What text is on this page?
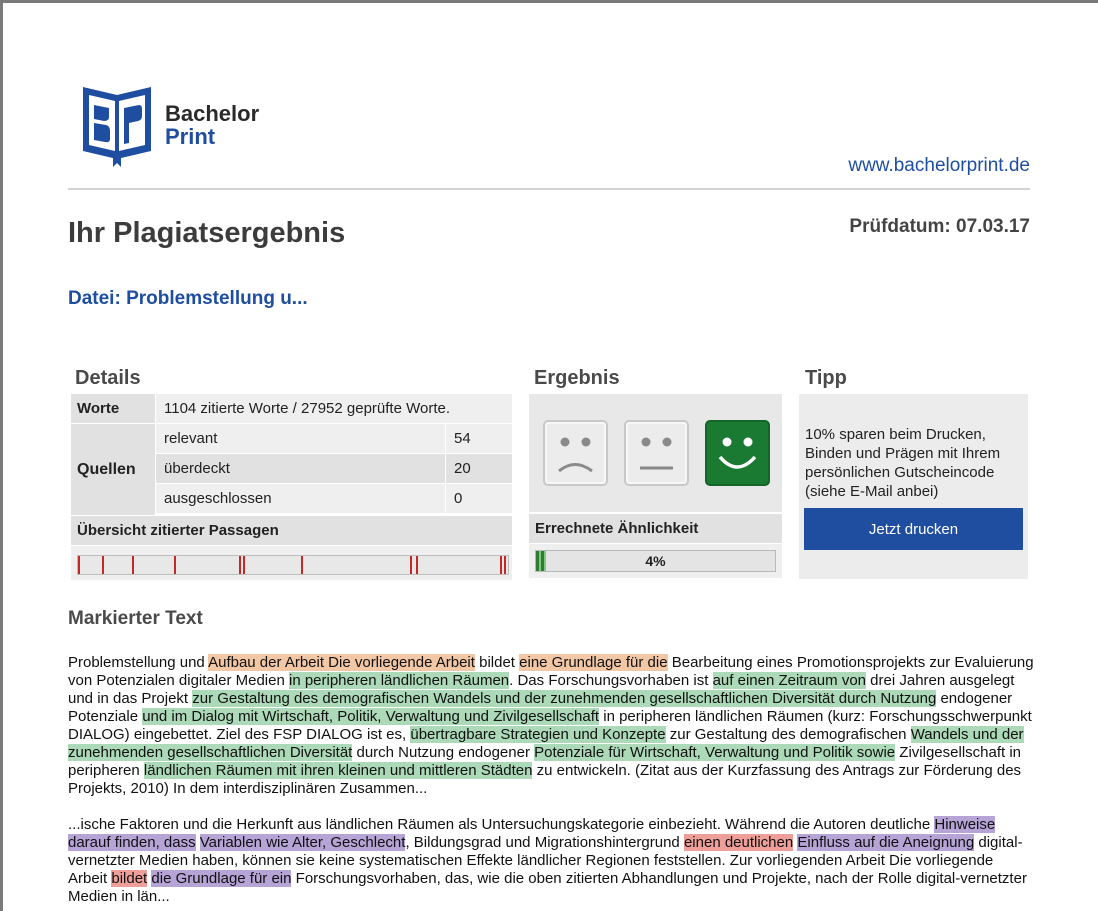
Bachelor
Print
www.bachelorprint.de
Ihr Plagiatsergebnis	Prüfdatum: 07.03.17
Datei: Problemstellung u...
Details	Ergebnis	Tipp
Worte	1104 zitierte Worte / 27952 geprüfte Worte.
Quellen
relevant	54
überdeckt	20
ausgeschlossen	0
Übersicht zitierter Passagen	Errechnete Ähnlichkeit
4%
10% sparen beim Drucken, Binden und Prägen mit Ihrem persönlichen Gutscheincode (siehe E-Mail anbei)
Jetzt drucken
Markierter Text
Problemstellung und Aufbau der Arbeit Die vorliegende Arbeit bildet eine Grundlage für die Bearbeitung eines Promotionsprojekts zur Evaluierung von Potenzialen digitaler Medien in peripheren ländlichen Räumen. Das Forschungsvorhaben ist auf einen Zeitraum von drei Jahren ausgelegt und in das Projekt zur Gestaltung des demografischen Wandels und der zunehmenden gesellschaftlichen Diversität durch Nutzung endogener Potenziale und im Dialog mit Wirtschaft, Politik, Verwaltung und Zivilgesellschaft in peripheren ländlichen Räumen (kurz: Forschungsschwerpunkt DIALOG) eingebettet. Ziel des FSP DIALOG ist es, übertragbare Strategien und Konzepte zur Gestaltung des demografischen Wandels und der zunehmenden gesellschaftlichen Diversität durch Nutzung endogener Potenziale für Wirtschaft, Verwaltung und Politik sowie Zivilgesellschaft in peripheren ländlichen Räumen mit ihren kleinen und mittleren Städten zu entwickeln. (Zitat aus der Kurzfassung des Antrags zur Förderung des Projekts, 2010) In dem interdisziplinären Zusammen...
...ische Faktoren und die Herkunft aus ländlichen Räumen als Untersuchungskategorie einbezieht. Während die Autoren deutliche Hinweise darauf finden, dass Variablen wie Alter, Geschlecht, Bildungsgrad und Migrationshintergrund einen deutlichen Einfluss auf die Aneignung digital-vernetzter Medien haben, können sie keine systematischen Effekte ländlicher Regionen feststellen. Zur vorliegenden Arbeit Die vorliegende Arbeit bildet die Grundlage für ein Forschungsvorhaben, das, wie die oben zitierten Abhandlungen und Projekte, nach der Rolle digital-vernetzter Medien in län...
